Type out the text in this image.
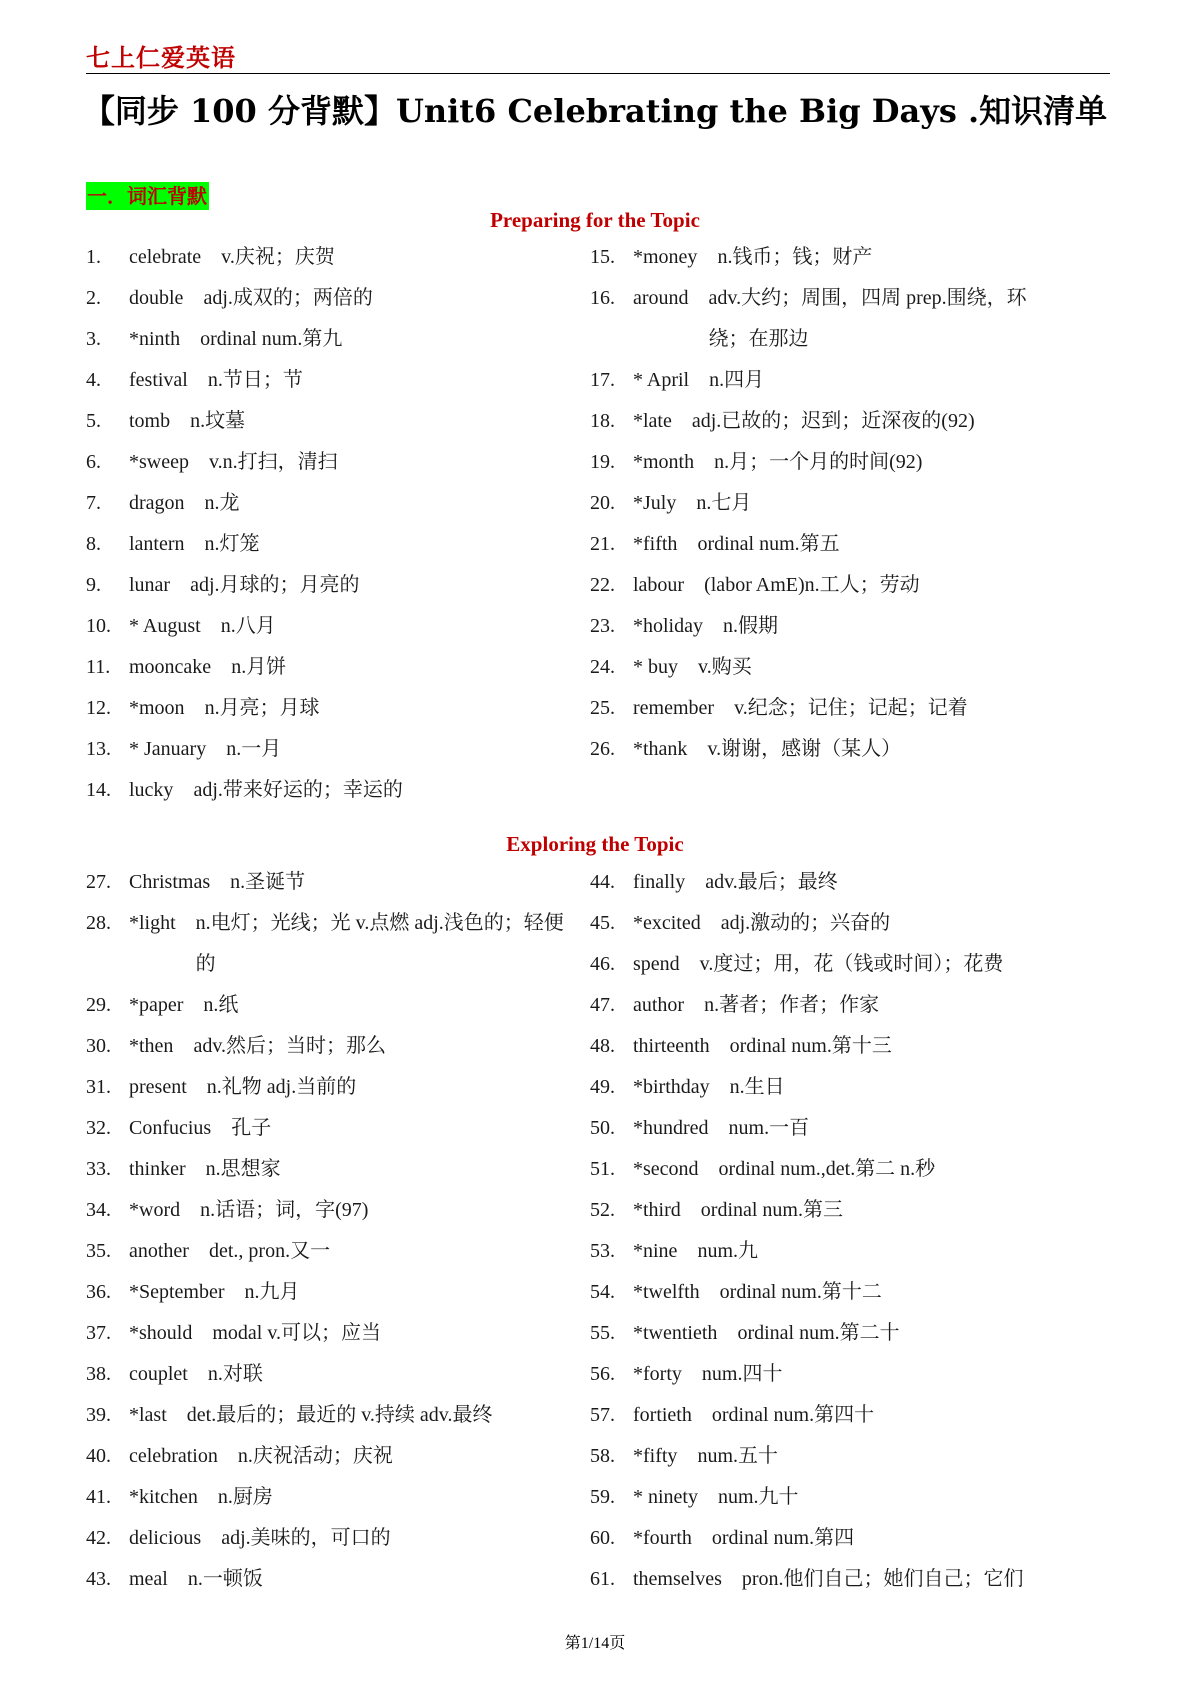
七上仁爱英语
【同步 100 分背默】Unit6 Celebrating the Big Days .知识清单
一．词汇背默
Preparing for the Topic
1.	celebrate v.庆祝；庆贺
2.	double adj.成双的；两倍的
3.	*ninth ordinal num.第九
4.	festival n.节日；节
5.	tomb n.坟墓
6.	*sweep v.n.打扫，清扫
7.	dragon n.龙
8.	lantern n.灯笼
9.	lunar adj.月球的；月亮的
10. * August n.八月
11. mooncake n.月饼
12. *moon n.月亮；月球
13. * January n.一月
14. lucky adj.带来好运的；幸运的
15. *money n.钱币；钱；财产
16. around adv.大约；周围，四周 prep.围绕，环绕；在那边
17. * April n.四月
18. *late adj.已故的；迟到；近深夜的(92)
19. *month n.月；一个月的时间(92)
20. *July n.七月
21. *fifth ordinal num.第五
22. labour (labor AmE)n.工人；劳动
23. *holiday n.假期
24. * buy v.购买
25. remember v.纪念；记住；记起；记着
26. *thank v.谢谢，感谢（某人）
Exploring the Topic
27. Christmas n.圣诞节
28. *light n.电灯；光线；光 v.点燃 adj.浅色的；轻便的
29. *paper n.纸
30. *then adv.然后；当时；那么
31. present n.礼物 adj.当前的
32. Confucius 孔子
33. thinker n.思想家
34. *word n.话语；词，字(97)
35. another det., pron.又一
36. *September n.九月
37. *should modal v.可以；应当
38. couplet n.对联
39. *last det.最后的；最近的 v.持续 adv.最终
40. celebration n.庆祝活动；庆祝
41. *kitchen n.厨房
42. delicious adj.美味的，可口的
43. meal n.一顿饭
44. finally adv.最后；最终
45. *excited adj.激动的；兴奋的
46. spend v.度过；用，花（钱或时间）；花费
47. author n.著者；作者；作家
48. thirteenth ordinal num.第十三
49. *birthday n.生日
50. *hundred num.一百
51. *second ordinal num.,det.第二 n.秒
52. *third ordinal num.第三
53. *nine num.九
54. *twelfth ordinal num.第十二
55. *twentieth ordinal num.第二十
56. *forty num.四十
57. fortieth ordinal num.第四十
58. *fifty num.五十
59. * ninety num.九十
60. *fourth ordinal num.第四
61. themselves pron.他们自己；她们自己；它们
第1/14页
